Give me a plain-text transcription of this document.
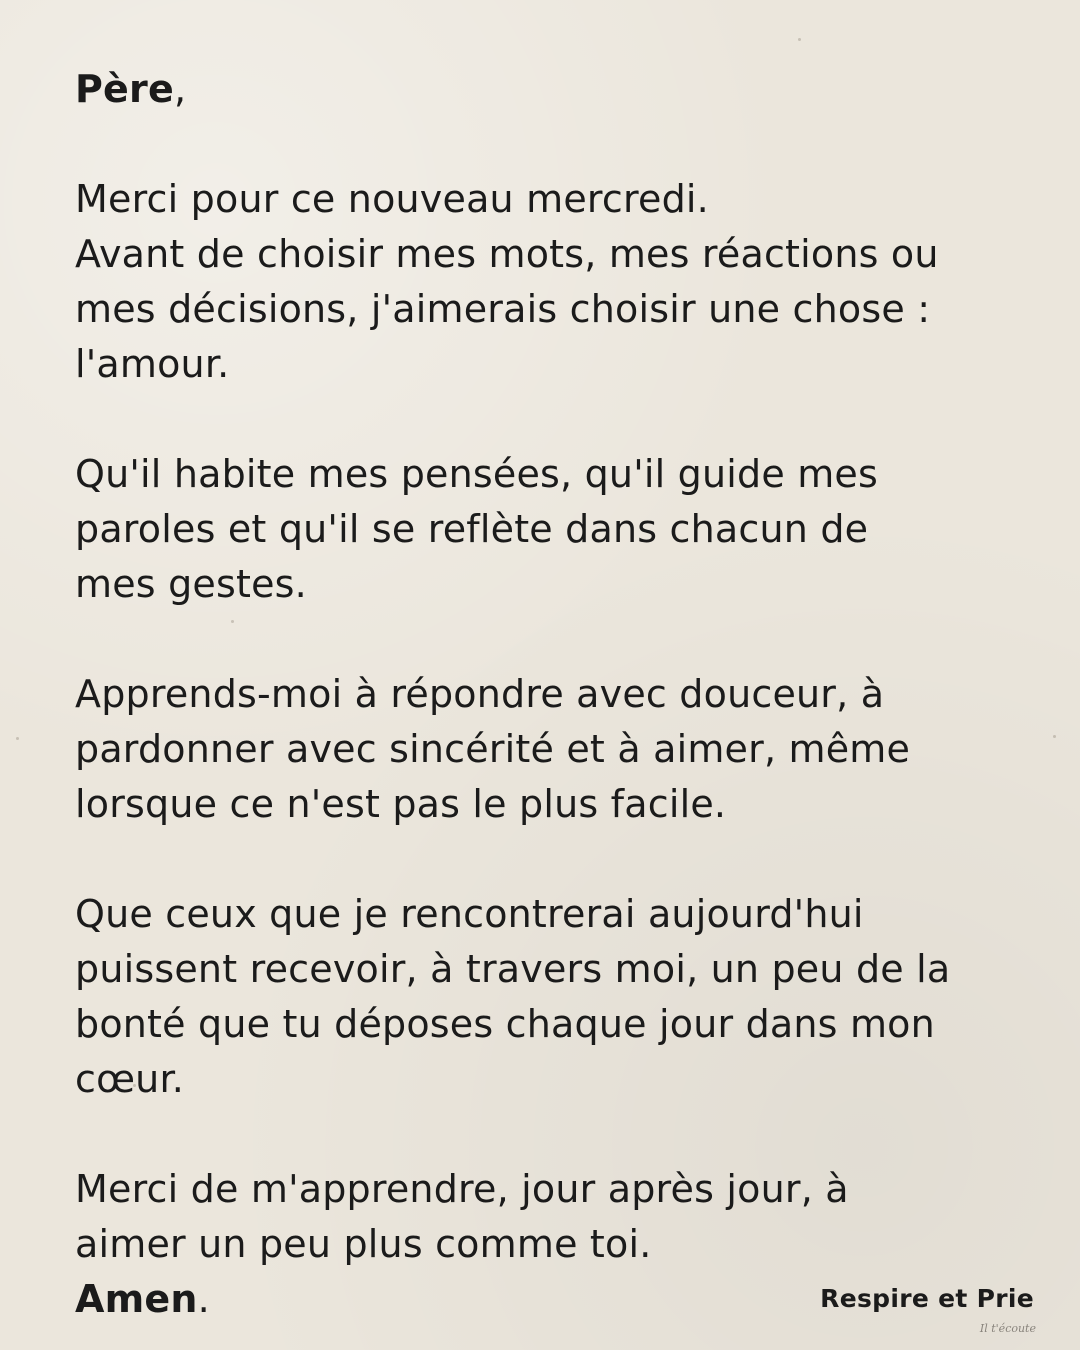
Père,
Merci pour ce nouveau mercredi.
Avant de choisir mes mots, mes réactions ou
mes décisions, j'aimerais choisir une chose :
l'amour.
Qu'il habite mes pensées, qu'il guide mes
paroles et qu'il se reflète dans chacun de
mes gestes.
Apprends-moi à répondre avec douceur, à
pardonner avec sincérité et à aimer, même
lorsque ce n'est pas le plus facile.
Que ceux que je rencontrerai aujourd'hui
puissent recevoir, à travers moi, un peu de la
bonté que tu déposes chaque jour dans mon
cœur.
Merci de m'apprendre, jour après jour, à
aimer un peu plus comme toi.
Amen.	Respire et Prie
Il t'écoute
